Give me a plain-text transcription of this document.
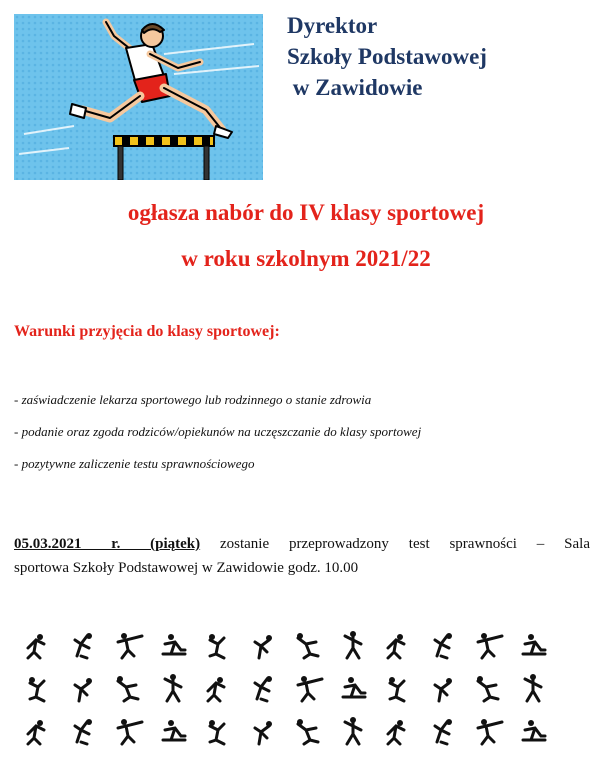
Dyrektor
Szkoły Podstawowej
w Zawidowie
ogłasza nabór do IV klasy sportowej
w roku szkolnym 2021/22
Warunki przyjęcia do klasy sportowej:
- zaświadczenie lekarza sportowego lub rodzinnego o stanie zdrowia
- podanie oraz zgoda rodziców/opiekunów na uczęszczanie do klasy sportowej
- pozytywne zaliczenie testu sprawnościowego
05.03.2021   r.   (piątek)  zostanie  przeprowadzony  test  sprawności  –  Sala
sportowa Szkoły Podstawowej w Zawidowie godz. 10.00
